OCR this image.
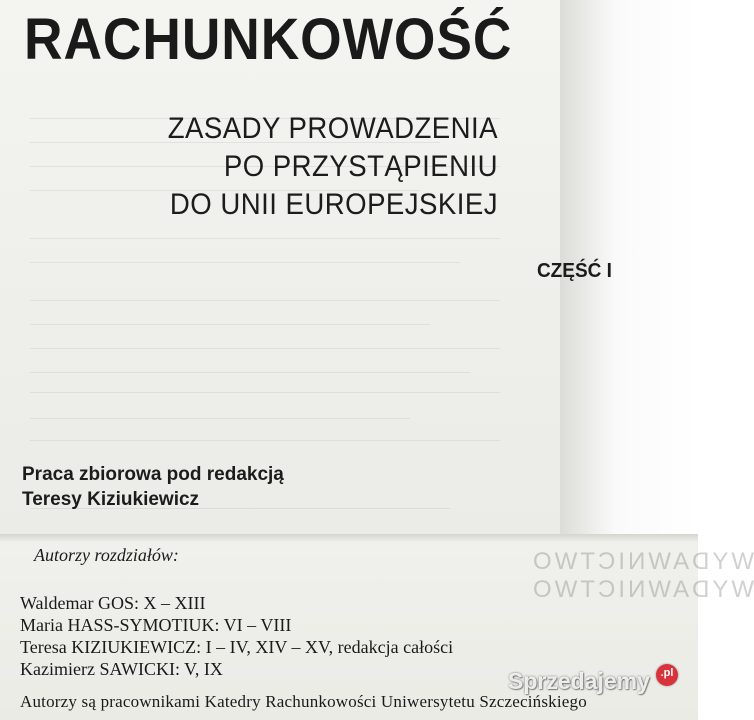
RACHUNKOWOŚĆ
ZASADY PROWADZENIA
PO PRZYSTĄPIENIU
DO UNII EUROPEJSKIEJ
CZĘŚĆ I
Praca zbiorowa pod redakcją
Teresy Kiziukiewicz
WYDAWNICTWO
WYDAWNICTWO
Autorzy rozdziałów:
Waldemar GOS: X – XIII
Maria HASS-SYMOTIUK: VI – VIII
Teresa KIZIUKIEWICZ: I – IV, XIV – XV, redakcja całości
Kazimierz SAWICKI: V, IX
Autorzy są pracownikami Katedry Rachunkowości Uniwersytetu Szczecińskiego
Sprzedajemy .pl
